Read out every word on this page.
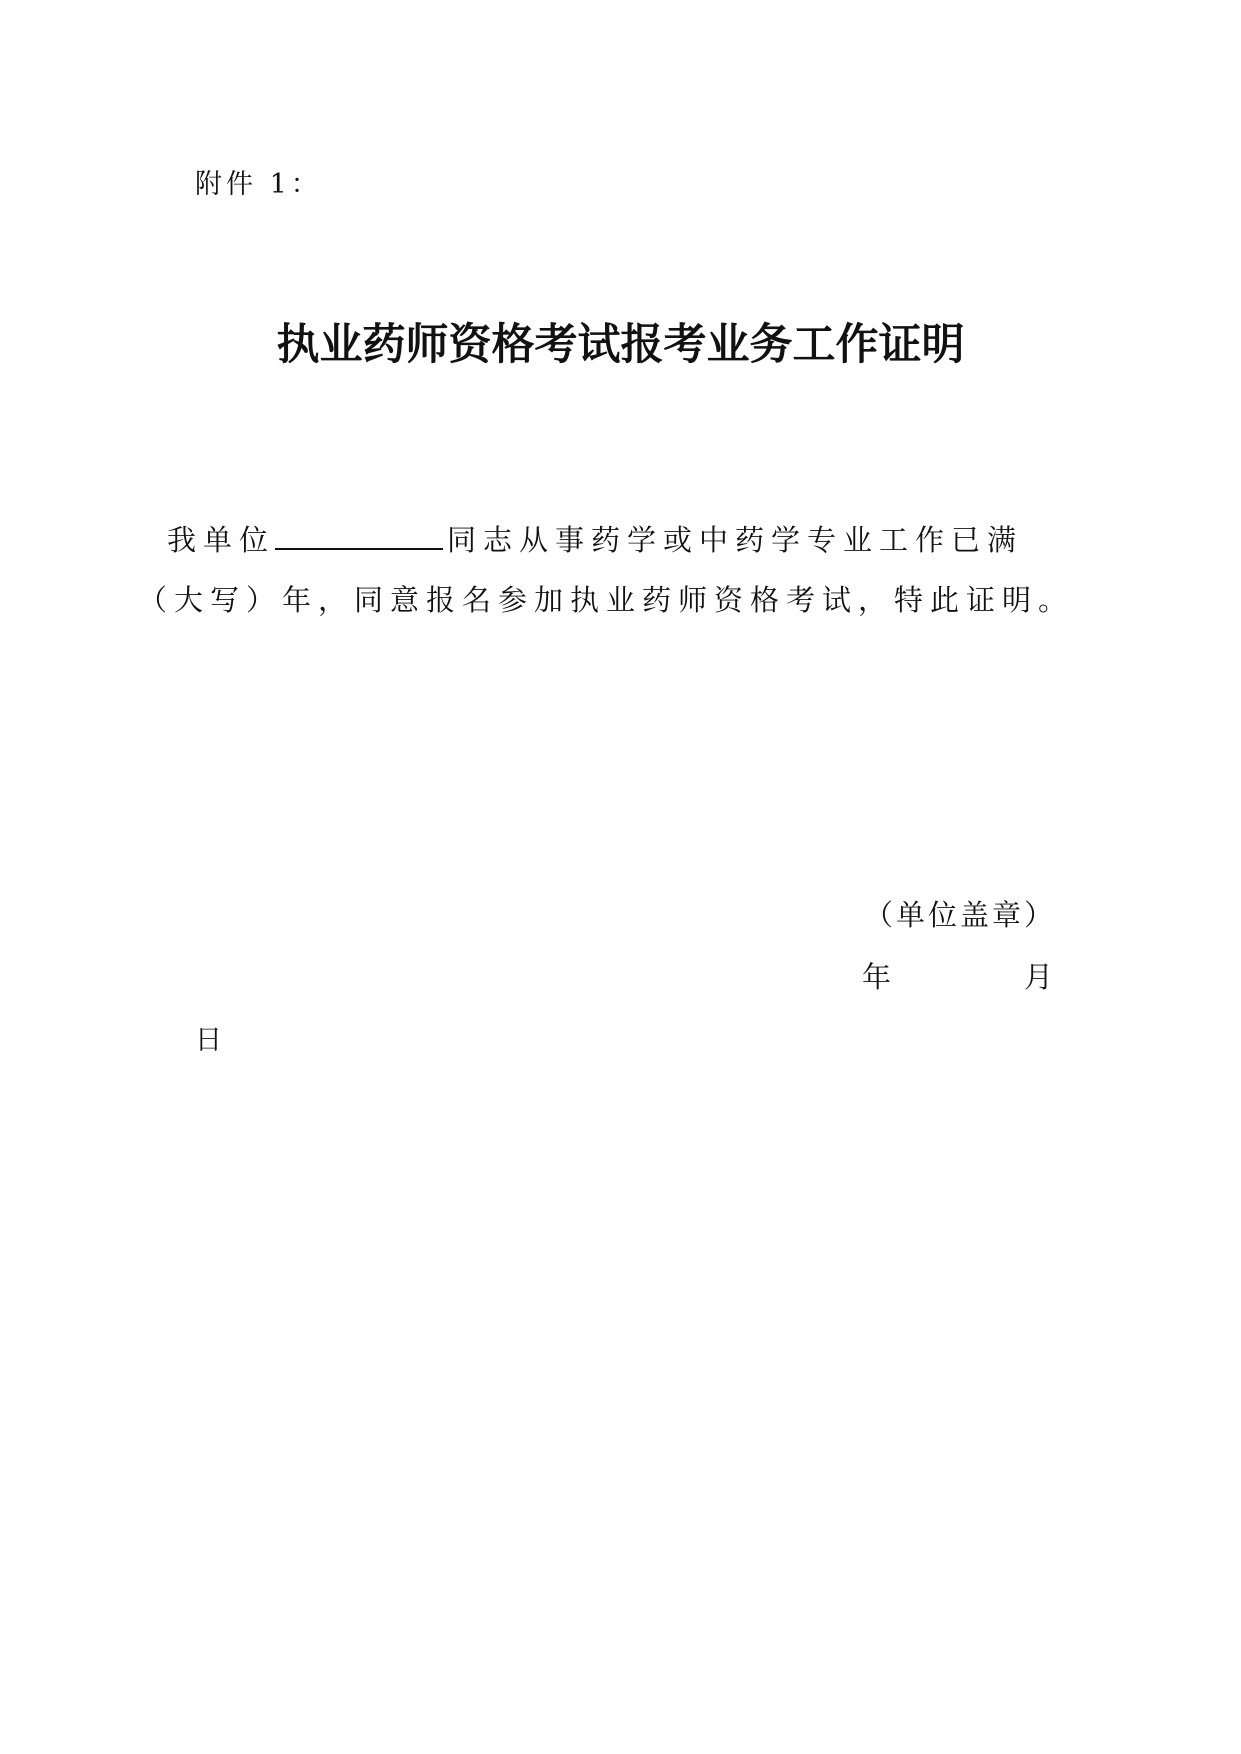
附件 1：
执业药师资格考试报考业务工作证明
我单位	同志从事药学或中药学专业工作已满
（大写）年，同意报名参加执业药师资格考试，特此证明。
（单位盖章）
年	月
日
